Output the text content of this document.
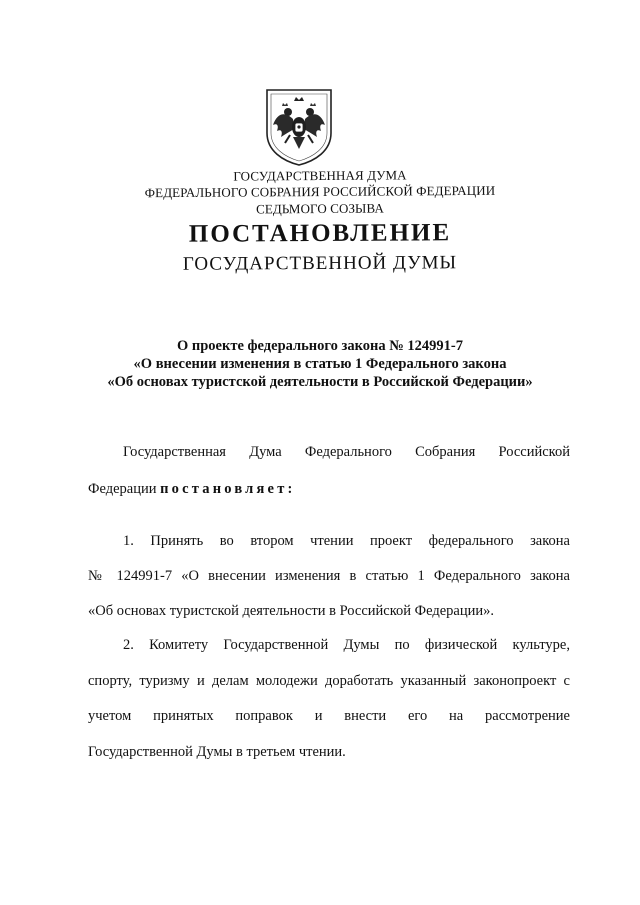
ГОСУДАРСТВЕННАЯ ДУМА
ФЕДЕРАЛЬНОГО СОБРАНИЯ РОССИЙСКОЙ ФЕДЕРАЦИИ
СЕДЬМОГО СОЗЫВА
ПОСТАНОВЛЕНИЕ
ГОСУДАРСТВЕННОЙ ДУМЫ
О проекте федерального закона № 124991-7
«О внесении изменения в статью 1 Федерального закона
«Об основах туристской деятельности в Российской Федерации»
Государственная Дума Федерального Собрания Российской
Федерации постановляет:
1. Принять во втором чтении проект федерального закона
№ 124991-7 «О внесении изменения в статью 1 Федерального закона
«Об основах туристской деятельности в Российской Федерации».
2. Комитету Государственной Думы по физической культуре,
спорту, туризму и делам молодежи доработать указанный законопроект с
учетом принятых поправок и внести его на рассмотрение
Государственной Думы в третьем чтении.
